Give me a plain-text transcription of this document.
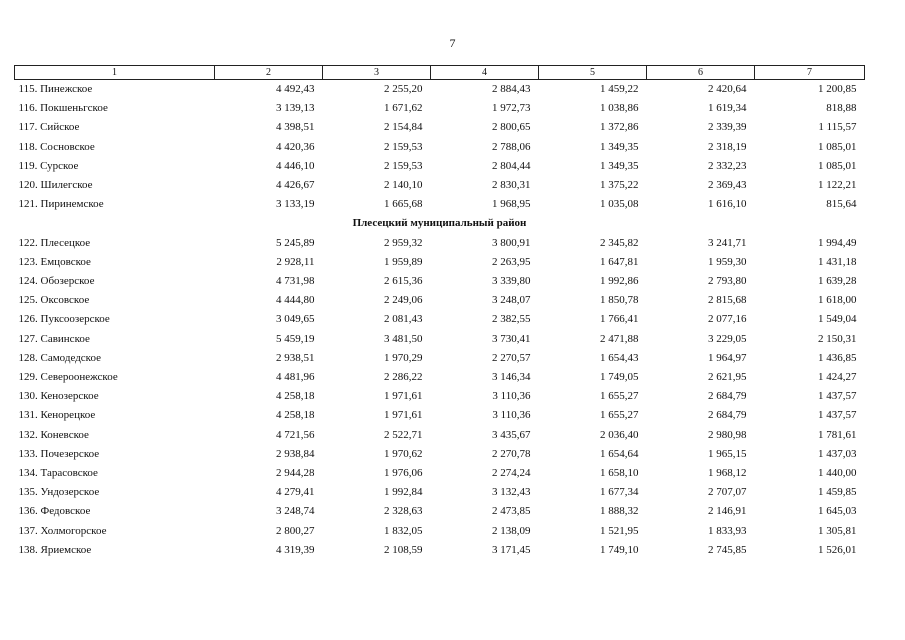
7
1	2	3	4	5	6	7
115. Пинежское	4 492,43	2 255,20	2 884,43	1 459,22	2 420,64	1 200,85
116. Покшеньгское	3 139,13	1 671,62	1 972,73	1 038,86	1 619,34	818,88
117. Сийское	4 398,51	2 154,84	2 800,65	1 372,86	2 339,39	1 115,57
118. Сосновское	4 420,36	2 159,53	2 788,06	1 349,35	2 318,19	1 085,01
119. Сурское	4 446,10	2 159,53	2 804,44	1 349,35	2 332,23	1 085,01
120. Шилегское	4 426,67	2 140,10	2 830,31	1 375,22	2 369,43	1 122,21
121. Пиринемское	3 133,19	1 665,68	1 968,95	1 035,08	1 616,10	815,64
Плесецкий муниципальный район						
122. Плесецкое	5 245,89	2 959,32	3 800,91	2 345,82	3 241,71	1 994,49
123. Емцовское	2 928,11	1 959,89	2 263,95	1 647,81	1 959,30	1 431,18
124. Обозерское	4 731,98	2 615,36	3 339,80	1 992,86	2 793,80	1 639,28
125. Оксовское	4 444,80	2 249,06	3 248,07	1 850,78	2 815,68	1 618,00
126. Пуксоозерское	3 049,65	2 081,43	2 382,55	1 766,41	2 077,16	1 549,04
127. Савинское	5 459,19	3 481,50	3 730,41	2 471,88	3 229,05	2 150,31
128. Самодедское	2 938,51	1 970,29	2 270,57	1 654,43	1 964,97	1 436,85
129. Североонежское	4 481,96	2 286,22	3 146,34	1 749,05	2 621,95	1 424,27
130. Кенозерское	4 258,18	1 971,61	3 110,36	1 655,27	2 684,79	1 437,57
131. Кенорецкое	4 258,18	1 971,61	3 110,36	1 655,27	2 684,79	1 437,57
132. Коневское	4 721,56	2 522,71	3 435,67	2 036,40	2 980,98	1 781,61
133. Почезерское	2 938,84	1 970,62	2 270,78	1 654,64	1 965,15	1 437,03
134. Тарасовское	2 944,28	1 976,06	2 274,24	1 658,10	1 968,12	1 440,00
135. Ундозерское	4 279,41	1 992,84	3 132,43	1 677,34	2 707,07	1 459,85
136. Федовское	3 248,74	2 328,63	2 473,85	1 888,32	2 146,91	1 645,03
137. Холмогорское	2 800,27	1 832,05	2 138,09	1 521,95	1 833,93	1 305,81
138. Яриемское	4 319,39	2 108,59	3 171,45	1 749,10	2 745,85	1 526,01
